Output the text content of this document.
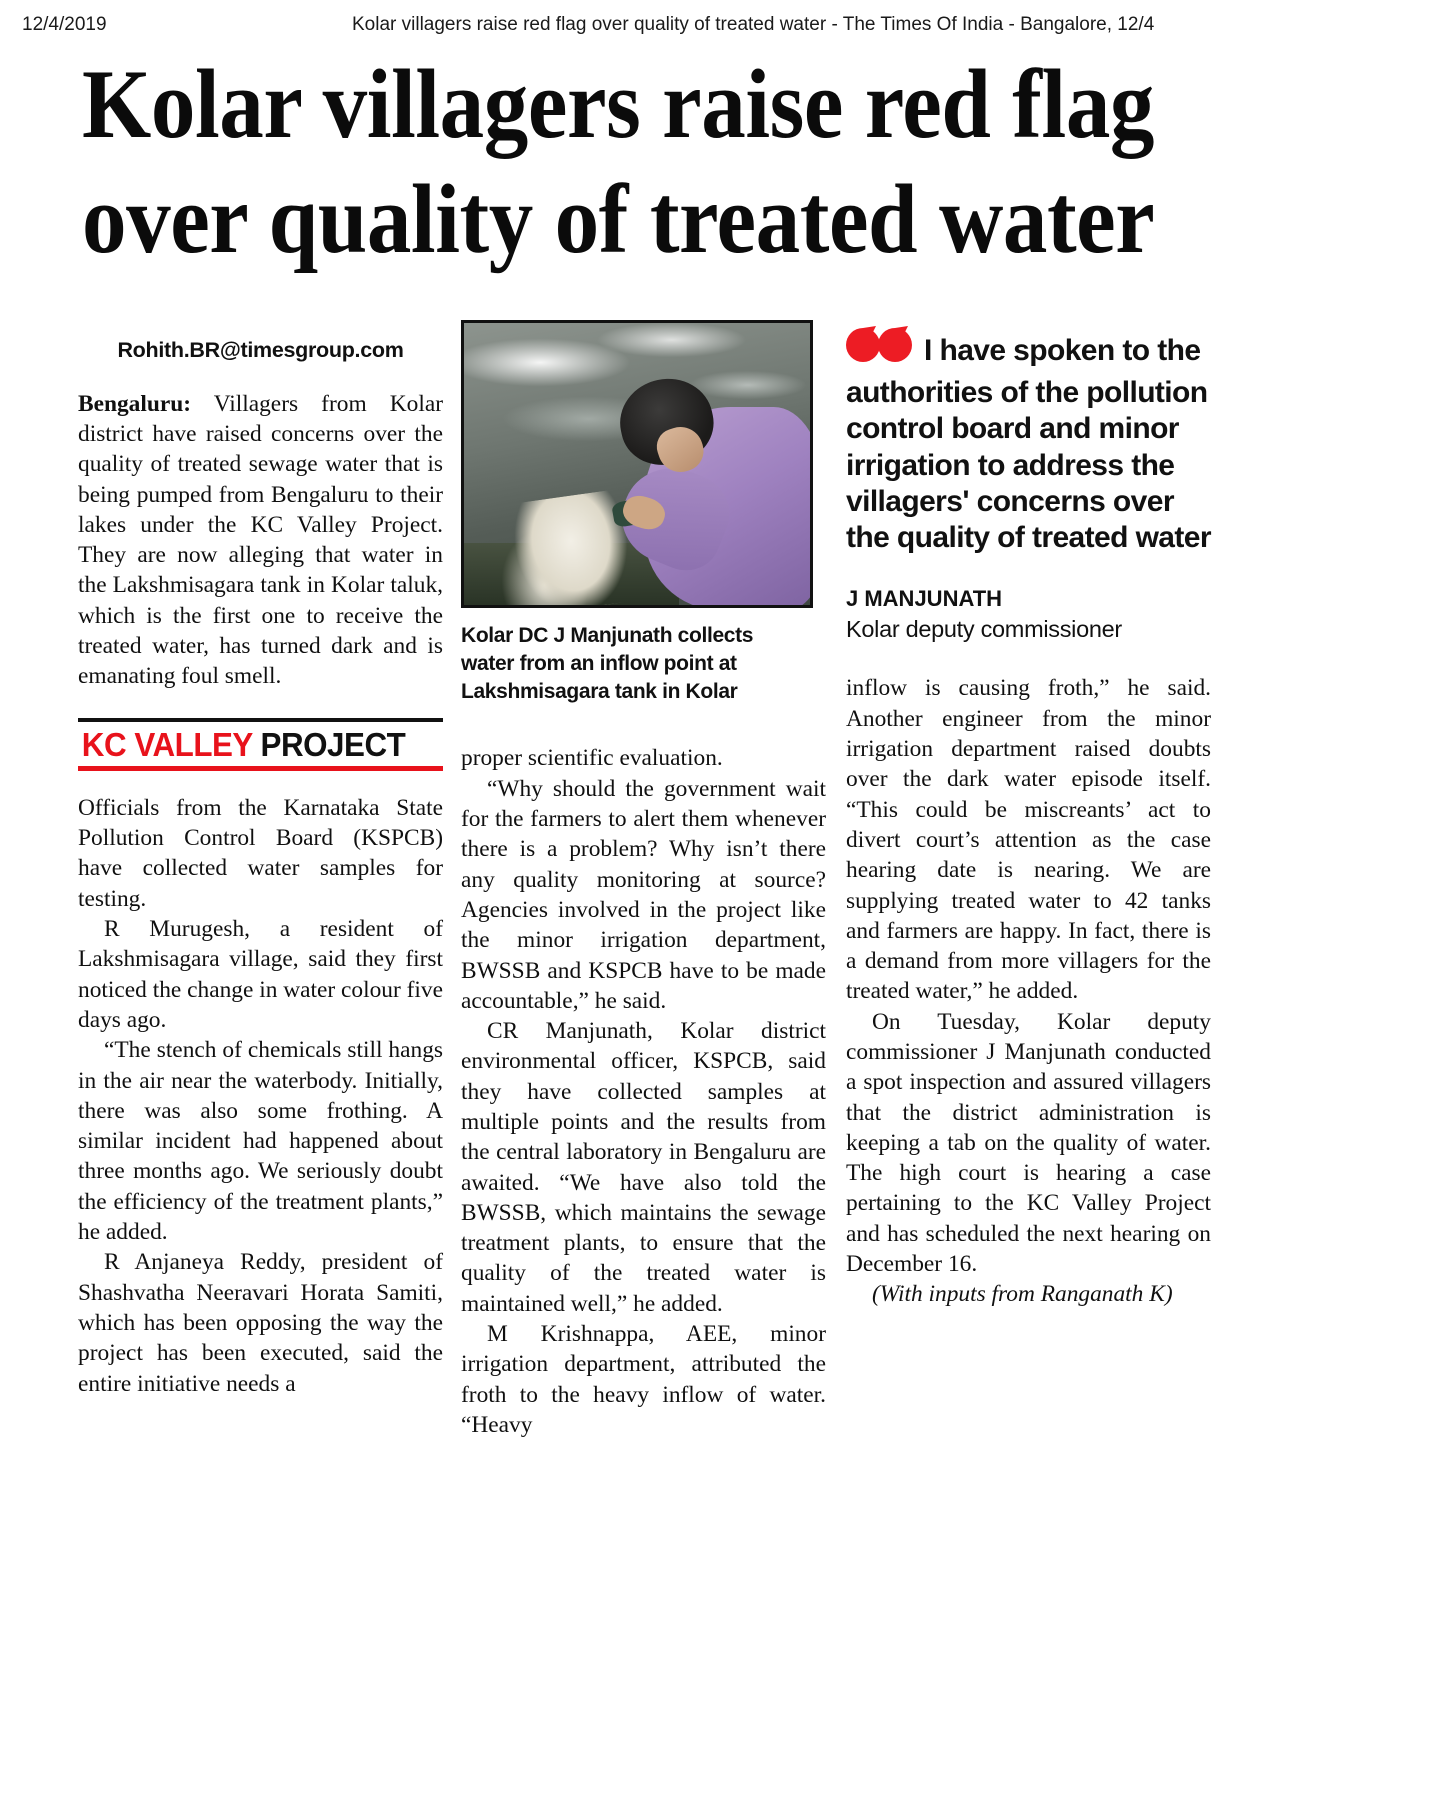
12/4/2019	Kolar villagers raise red flag over quality of treated water - The Times Of India - Bangalore, 12/4
Kolar villagers raise red flag
over quality of treated water
Rohith.BR@timesgroup.com

Bengaluru: Villagers from Kolar district have raised concerns over the quality of treated sewage water that is being pumped from Bengaluru to their lakes under the KC Valley Project. They are now alleging that water in the Lakshmisagara tank in Kolar taluk, which is the first one to receive the treated water, has turned dark and is emanating foul smell.

KC VALLEY PROJECT

Officials from the Karnataka State Pollution Control Board (KSPCB) have collected water samples for testing.

R Murugesh, a resident of Lakshmisagara village, said they first noticed the change in water colour five days ago.

“The stench of chemicals still hangs in the air near the waterbody. Initially, there was also some frothing. A similar incident had happened about three months ago. We seriously doubt the efficiency of the treatment plants,” he added.

R Anjaneya Reddy, president of Shashvatha Neeravari Horata Samiti, which has been opposing the way the project has been executed, said the entire initiative needs a

Kolar DC J Manjunath collects
water from an inflow point at
Lakshmisagara tank in Kolar

proper scientific evaluation.

“Why should the government wait for the farmers to alert them whenever there is a problem? Why isn’t there any quality monitoring at source? Agencies involved in the project like the minor irrigation department, BWSSB and KSPCB have to be made accountable,” he said.

CR Manjunath, Kolar district environmental officer, KSPCB, said they have collected samples at multiple points and the results from the central laboratory in Bengaluru are awaited. “We have also told the BWSSB, which maintains the sewage treatment plants, to ensure that the quality of the treated water is maintained well,” he added.

M Krishnappa, AEE, minor irrigation department, attributed the froth to the heavy inflow of water. “Heavy

I have spoken to the authorities of the pollution control board and minor irrigation to address the villagers' concerns over the quality of treated water

J MANJUNATH
Kolar deputy commissioner

inflow is causing froth,” he said. Another engineer from the minor irrigation department raised doubts over the dark water episode itself. “This could be miscreants’ act to divert court’s attention as the case hearing date is nearing. We are supplying treated water to 42 tanks and farmers are happy. In fact, there is a demand from more villagers for the treated water,” he added.

On Tuesday, Kolar deputy commissioner J Manjunath conducted a spot inspection and assured villagers that the district administration is keeping a tab on the quality of water. The high court is hearing a case pertaining to the KC Valley Project and has scheduled the next hearing on December 16.

(With inputs from Ranganath K)
